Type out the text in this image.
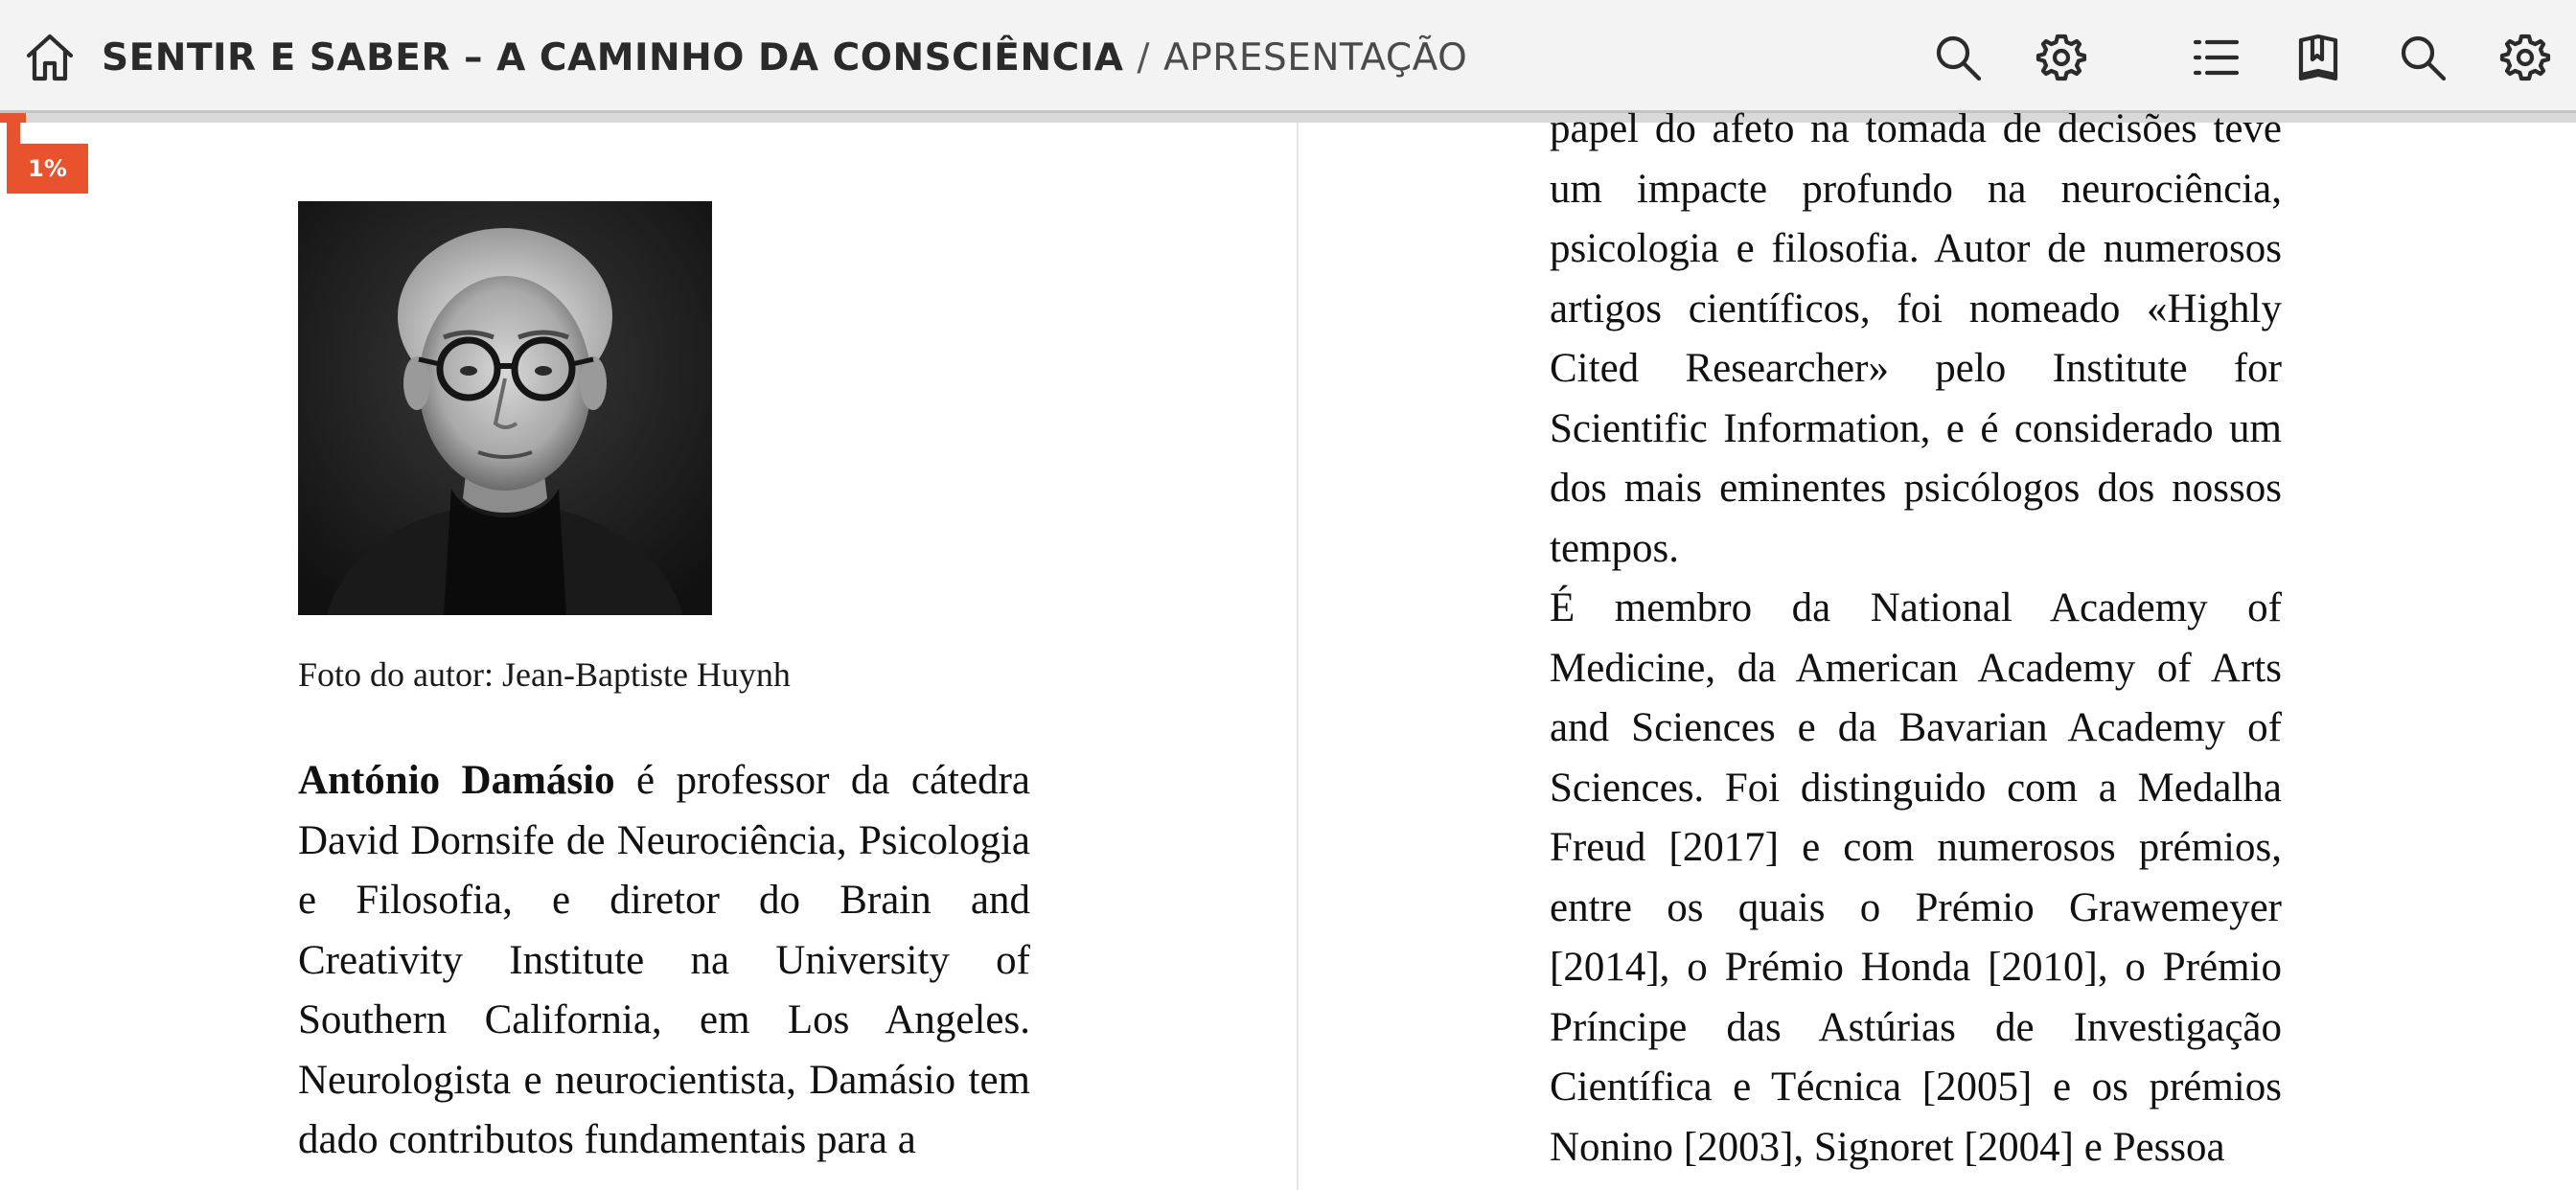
SENTIR E SABER – A CAMINHO DA CONSCIÊNCIA / APRESENTAÇÃO
1%

Foto do autor: Jean-Baptiste Huynh

António Damásio é professor da cátedra David Dornsife de Neurociência, Psicologia e Filosofia, e diretor do Brain and Creativity Institute na University of Southern California, em Los Angeles. Neurologista e neurocientista, Damásio tem dado contributos fundamentais para a

papel do afeto na tomada de decisões teve um impacte profundo na neurociência, psicologia e filosofia. Autor de numerosos artigos científicos, foi nomeado «Highly Cited Researcher» pelo Institute for Scientific Information, e é considerado um dos mais eminentes psicólogos dos nossos tempos.

É membro da National Academy of Medicine, da American Academy of Arts and Sciences e da Bavarian Academy of Sciences. Foi distinguido com a Medalha Freud [2017] e com numerosos prémios, entre os quais o Prémio Grawemeyer [2014], o Prémio Honda [2010], o Prémio Príncipe das Astúrias de Investigação Científica e Técnica [2005] e os prémios Nonino [2003], Signoret [2004] e Pessoa
